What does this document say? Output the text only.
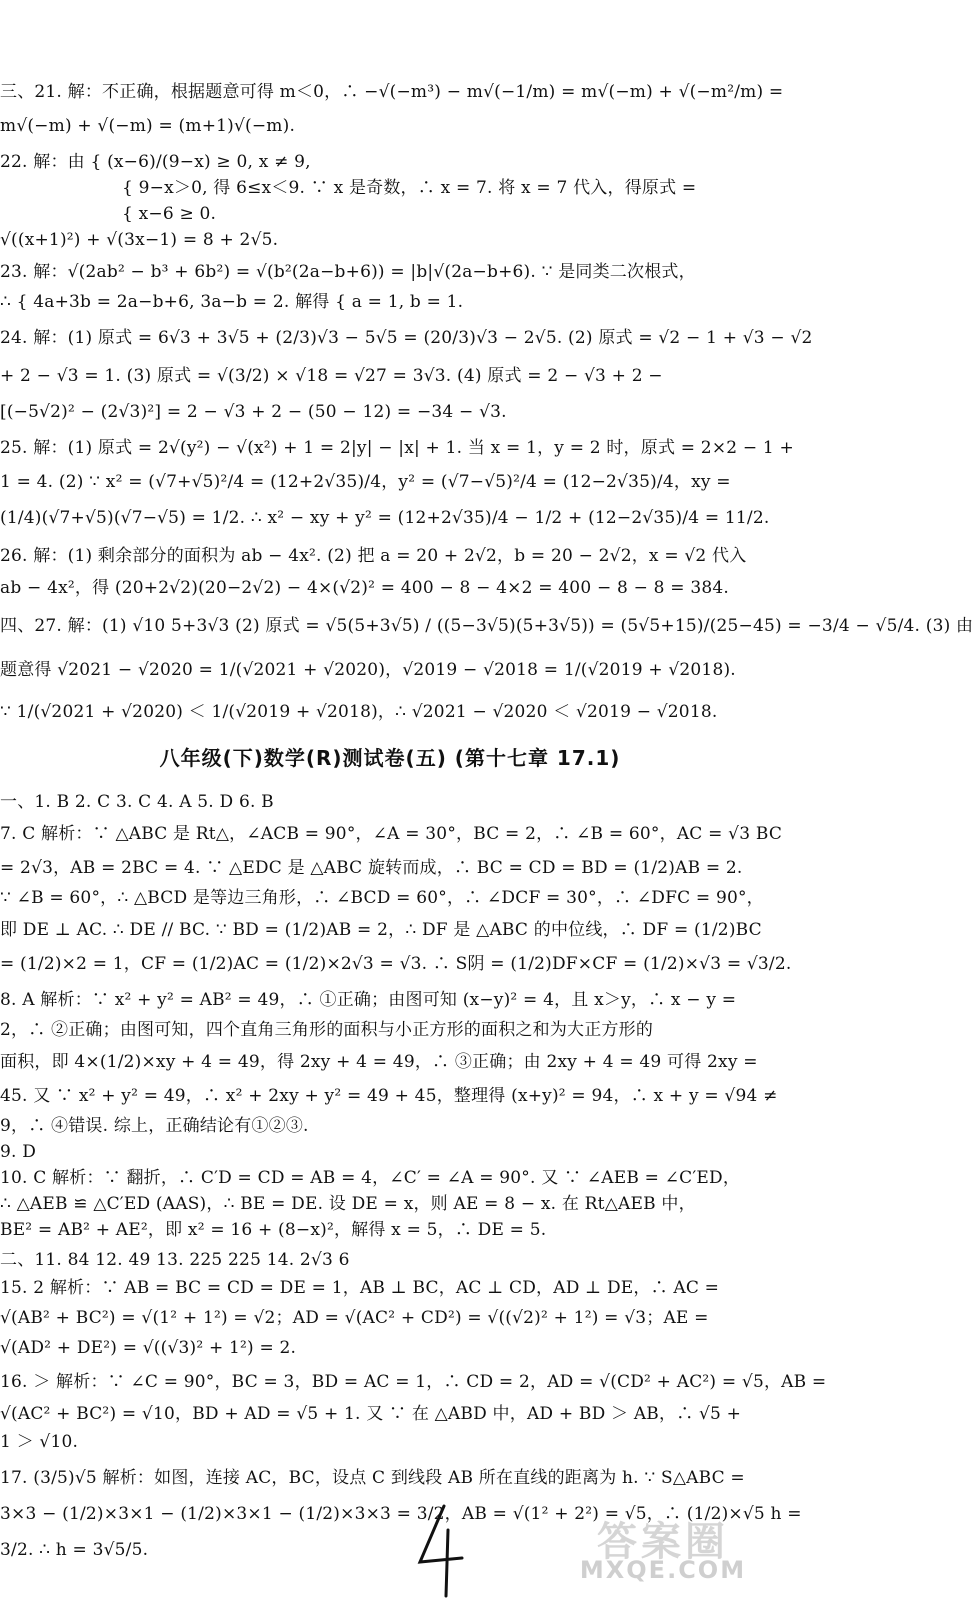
三、21. 解：不正确，根据题意可得 m＜0，∴ −√(−m³) − m√(−1/m) = m√(−m) + √(−m²/m) =
m√(−m) + √(−m) = (m+1)√(−m).
22. 解：由 { (x−6)/(9−x) ≥ 0, x ≠ 9,
{ 9−x＞0, 得 6≤x＜9. ∵ x 是奇数，∴ x = 7. 将 x = 7 代入，得原式 =
{ x−6 ≥ 0.
√((x+1)²) + √(3x−1) = 8 + 2√5.
23. 解：√(2ab² − b³ + 6b²) = √(b²(2a−b+6)) = |b|√(2a−b+6). ∵ 是同类二次根式，
∴ { 4a+3b = 2a−b+6, 3a−b = 2. 解得 { a = 1, b = 1.
24. 解：(1) 原式 = 6√3 + 3√5 + (2/3)√3 − 5√5 = (20/3)√3 − 2√5. (2) 原式 = √2 − 1 + √3 − √2
+ 2 − √3 = 1. (3) 原式 = √(3/2) × √18 = √27 = 3√3. (4) 原式 = 2 − √3 + 2 −
[(−5√2)² − (2√3)²] = 2 − √3 + 2 − (50 − 12) = −34 − √3.
25. 解：(1) 原式 = 2√(y²) − √(x²) + 1 = 2|y| − |x| + 1. 当 x = 1，y = 2 时，原式 = 2×2 − 1 +
1 = 4. (2) ∵ x² = (√7+√5)²/4 = (12+2√35)/4，y² = (√7−√5)²/4 = (12−2√35)/4，xy =
(1/4)(√7+√5)(√7−√5) = 1/2. ∴ x² − xy + y² = (12+2√35)/4 − 1/2 + (12−2√35)/4 = 11/2.
26. 解：(1) 剩余部分的面积为 ab − 4x². (2) 把 a = 20 + 2√2，b = 20 − 2√2，x = √2 代入
ab − 4x²，得 (20+2√2)(20−2√2) − 4×(√2)² = 400 − 8 − 4×2 = 400 − 8 − 8 = 384.
四、27. 解：(1) √10 5+3√3 (2) 原式 = √5(5+3√5) / ((5−3√5)(5+3√5)) = (5√5+15)/(25−45) = −3/4 − √5/4. (3) 由
题意得 √2021 − √2020 = 1/(√2021 + √2020)，√2019 − √2018 = 1/(√2019 + √2018).
∵ 1/(√2021 + √2020) ＜ 1/(√2019 + √2018)，∴ √2021 − √2020 ＜ √2019 − √2018.
八年级(下)数学(R)测试卷(五) (第十七章 17.1)
一、1. B 2. C 3. C 4. A 5. D 6. B
7. C 解析：∵ △ABC 是 Rt△，∠ACB = 90°，∠A = 30°，BC = 2，∴ ∠B = 60°，AC = √3 BC
= 2√3，AB = 2BC = 4. ∵ △EDC 是 △ABC 旋转而成，∴ BC = CD = BD = (1/2)AB = 2.
∵ ∠B = 60°，∴ △BCD 是等边三角形，∴ ∠BCD = 60°，∴ ∠DCF = 30°，∴ ∠DFC = 90°，
即 DE ⊥ AC. ∴ DE // BC. ∵ BD = (1/2)AB = 2，∴ DF 是 △ABC 的中位线，∴ DF = (1/2)BC
= (1/2)×2 = 1，CF = (1/2)AC = (1/2)×2√3 = √3. ∴ S阴 = (1/2)DF×CF = (1/2)×√3 = √3/2.
8. A 解析：∵ x² + y² = AB² = 49，∴ ①正确；由图可知 (x−y)² = 4，且 x＞y，∴ x − y =
2，∴ ②正确；由图可知，四个直角三角形的面积与小正方形的面积之和为大正方形的
面积，即 4×(1/2)×xy + 4 = 49，得 2xy + 4 = 49，∴ ③正确；由 2xy + 4 = 49 可得 2xy =
45. 又 ∵ x² + y² = 49，∴ x² + 2xy + y² = 49 + 45，整理得 (x+y)² = 94，∴ x + y = √94 ≠
9，∴ ④错误. 综上，正确结论有①②③.
9. D
10. C 解析：∵ 翻折，∴ C′D = CD = AB = 4，∠C′ = ∠A = 90°. 又 ∵ ∠AEB = ∠C′ED，
∴ △AEB ≌ △C′ED (AAS)，∴ BE = DE. 设 DE = x，则 AE = 8 − x. 在 Rt△AEB 中，
BE² = AB² + AE²，即 x² = 16 + (8−x)²，解得 x = 5，∴ DE = 5.
二、11. 84 12. 49 13. 225 225 14. 2√3 6
15. 2 解析：∵ AB = BC = CD = DE = 1，AB ⊥ BC，AC ⊥ CD，AD ⊥ DE，∴ AC =
√(AB² + BC²) = √(1² + 1²) = √2；AD = √(AC² + CD²) = √((√2)² + 1²) = √3；AE =
√(AD² + DE²) = √((√3)² + 1²) = 2.
16. ＞ 解析：∵ ∠C = 90°，BC = 3，BD = AC = 1，∴ CD = 2，AD = √(CD² + AC²) = √5，AB =
√(AC² + BC²) = √10，BD + AD = √5 + 1. 又 ∵ 在 △ABD 中，AD + BD ＞ AB，∴ √5 +
1 ＞ √10.
17. (3/5)√5 解析：如图，连接 AC，BC，设点 C 到线段 AB 所在直线的距离为 h. ∵ S△ABC =
3×3 − (1/2)×3×1 − (1/2)×3×1 − (1/2)×3×3 = 3/2，AB = √(1² + 2²) = √5，∴ (1/2)×√5 h =
3/2. ∴ h = 3√5/5.	答案圈
MXQE.COM
